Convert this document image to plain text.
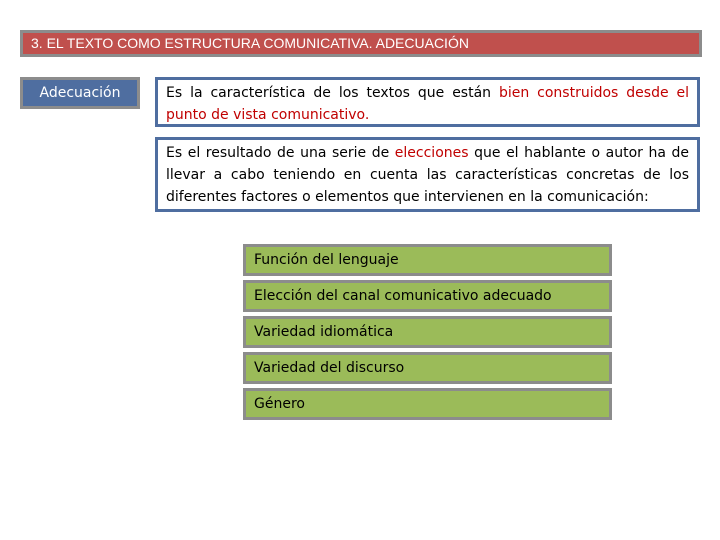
3. EL TEXTO COMO ESTRUCTURA COMUNICATIVA. ADECUACIÓN
Adecuación	Es la característica de los textos que están bien construidos desde el punto de vista comunicativo.
Es el resultado de una serie de elecciones que el hablante o autor ha de llevar a cabo teniendo en cuenta las características concretas de los diferentes factores o elementos que intervienen en la comunicación:
Función del lenguaje
Elección del canal comunicativo adecuado
Variedad idiomática
Variedad del discurso
Género
